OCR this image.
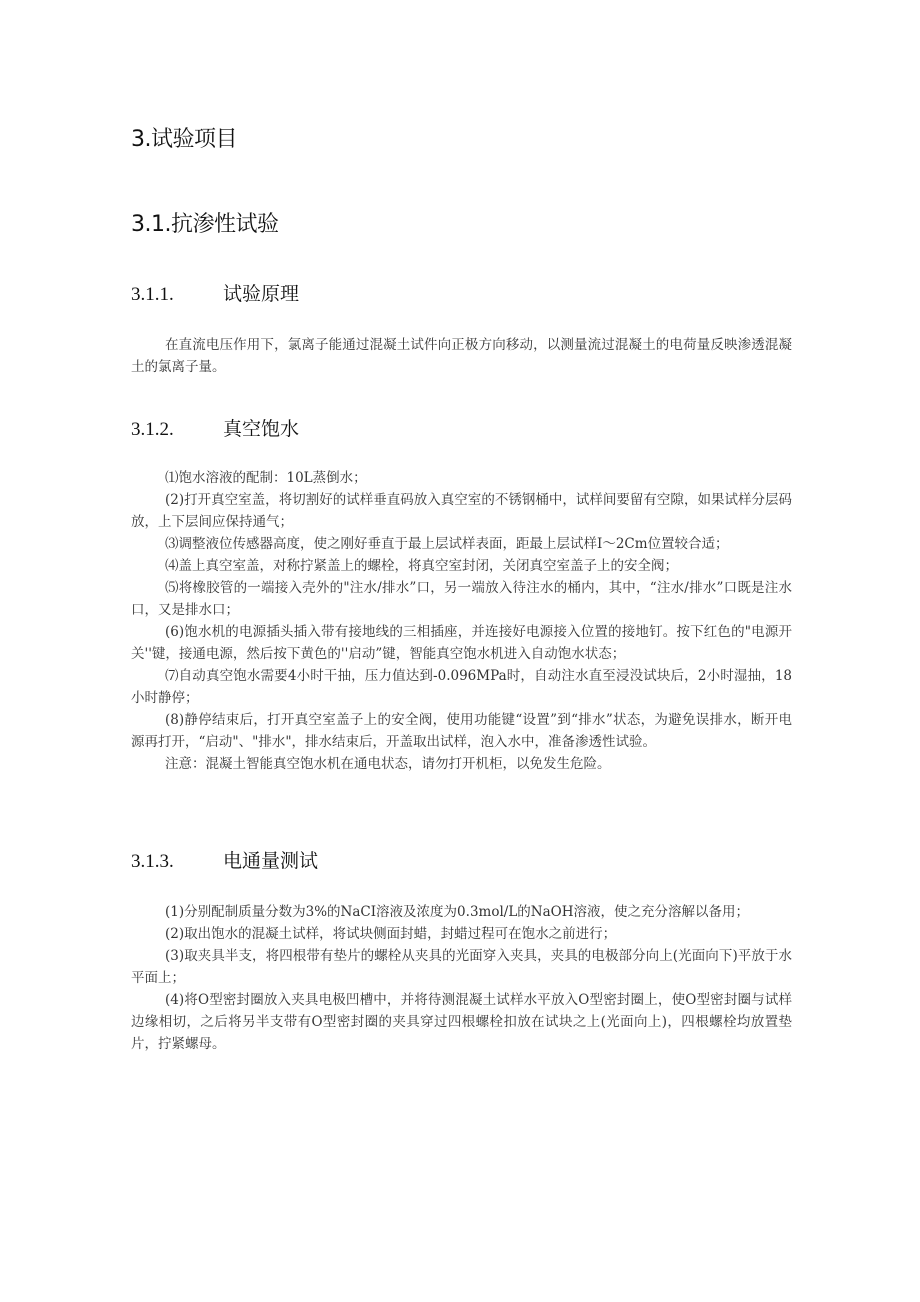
3.试验项目
3.1.抗渗性试验
3.1.1.	试验原理

在直流电压作用下，氯离子能通过混凝土试件向正极方向移动，以测量流过混凝土的电荷量反映渗透混凝土的氯离子量。

3.1.2.	真空饱水

⑴饱水溶液的配制：10L蒸倒水；

(2)打开真空室盖，将切割好的试样垂直码放入真空室的不锈钢桶中，试样间要留有空隙，如果试样分层码放，上下层间应保持通气；

⑶调整液位传感器高度，使之刚好垂直于最上层试样表面，距最上层试样I～2Cm位置较合适；

⑷盖上真空室盖，对称拧紧盖上的螺栓，将真空室封闭，关闭真空室盖子上的安全阀；

⑸将橡胶管的一端接入壳外的"注水/排水”口，另一端放入待注水的桶内，其中，“注水/排水”口既是注水口，又是排水口；

(6)饱水机的电源插头插入带有接地线的三相插座，并连接好电源接入位置的接地钉。按下红色的"电源开关''键，接通电源，然后按下黄色的''启动”键，智能真空饱水机进入自动饱水状态；

⑺自动真空饱水需要4小时干抽，压力值达到-0.096MPa时，自动注水直至浸没试块后，2小时湿抽，18小时静停；

(8)静停结束后，打开真空室盖子上的安全阀，使用功能键“设置”到“排水”状态，为避免误排水，断开电源再打开，“启动"、"排水"，排水结束后，开盖取出试样，泡入水中，准备渗透性试验。

注意：混凝土智能真空饱水机在通电状态，请勿打开机柜，以免发生危险。

3.1.3.	电通量测试

(1)分别配制质量分数为3%的NaCI溶液及浓度为0.3mol/L的NaOH溶液，使之充分溶解以备用；

(2)取出饱水的混凝土试样，将试块侧面封蜡，封蜡过程可在饱水之前进行；

(3)取夹具半支，将四根带有垫片的螺栓从夹具的光面穿入夹具，夹具的电极部分向上(光面向下)平放于水平面上；

(4)将O型密封圈放入夹具电极凹槽中，并将待测混凝土试样水平放入O型密封圈上，使O型密封圈与试样边缘相切，之后将另半支带有O型密封圈的夹具穿过四根螺栓扣放在试块之上(光面向上)，四根螺栓均放置垫片，拧紧螺母。
